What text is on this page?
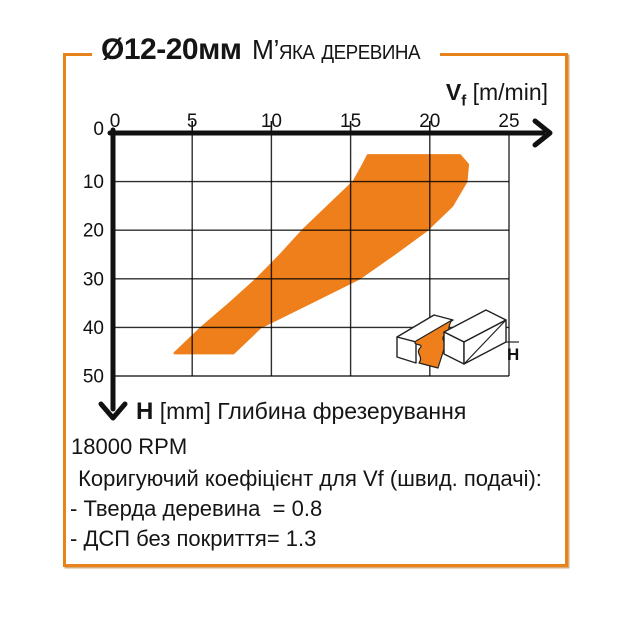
Ø12-20мм М’яка деревина
$V_f$ [m/min]
0	5	10	15	20	25
0
10
20
30
40
50
H
H [mm] Глибина фрезерування
18000 RPM
Коригуючий коефіцієнт для Vf (швид. подачі):
- Тверда деревина  = 0.8
- ДСП без покриття= 1.3
